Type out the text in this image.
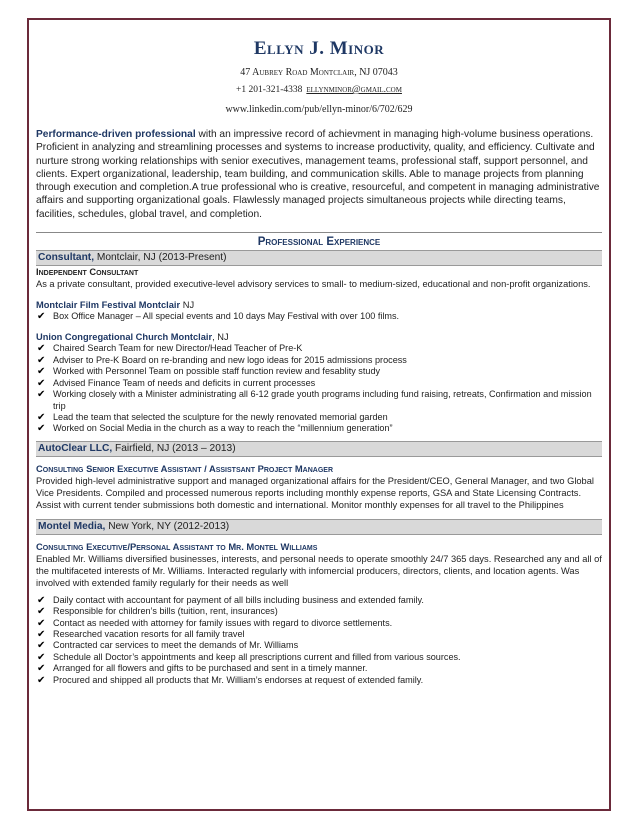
Ellyn J. Minor
47 Aubrey Road Montclair, NJ 07043
+1 201-321-4338 ellynminor@gmail.com
www.linkedin.com/pub/ellyn-minor/6/702/629
Performance-driven professional with an impressive record of achievment in managing high-volume business operations. Proficient in analyzing and streamlining processes and systems to increase productivity, quality, and efficiency. Cultivate and nurture strong working relationships with senior executives, management teams, professional staff, support personnel, and clients. Expert organizational, leadership, team building, and communication skills. Able to manage projects from planning through execution and completion.A true professional who is creative, resourceful, and competent in managing administrative affairs and supporting organizational goals. Flawlessly managed projects simultaneous projects while directing teams, facilities, schedules, global travel, and completion.
Professional Experience
Consultant, Montclair, NJ (2013-Present)
Independent Consultant
As a private consultant, provided executive-level advisory services to small- to medium-sized, educational and non-profit organizations.
Montclair Film Festival Montclair NJ
✔ Box Office Manager – All special events and 10 days May Festival with over 100 films.
Union Congregational Church Montclair, NJ
✔ Chaired Search Team for new Director/Head Teacher of Pre-K
✔ Adviser to Pre-K Board on re-branding and new logo ideas for 2015 admissions process
✔ Worked with Personnel Team on possible staff function review and fesablity study
✔ Advised Finance Team of needs and deficits in current processes
✔ Working closely with a Minister administrating all 6-12 grade youth programs including fund raising, retreats, Confirmation and mission trip
✔ Lead the team that selected the sculpture for the newly renovated memorial garden
✔ Worked on Social Media in the church as a way to reach the “millennium generation”
AutoClear LLC, Fairfield, NJ (2013 – 2013)
Consulting Senior Executive Assistant / Assistsant Project Manager
Provided high-level administrative support and managed organizational affairs for the President/CEO, General Manager, and two Global Vice Presidents. Compiled and processed numerous reports including monthly expense reports, GSA and State Licensing Contracts. Assist with current tender submissions both domestic and international. Monitor monthly expenses for all travel to the Philippines
Montel Media, New York, NY (2012-2013)
Consulting Executive/Personal Assistant to Mr. Montel Williams
Enabled Mr. Williams diversified businesses, interests, and personal needs to operate smoothly 24/7 365 days. Researched any and all of the multifaceted interests of Mr. Williams. Interacted regularly with infomercial producers, directors, clients, and location agents. Was involved with extended family regularly for their needs as well
✔ Daily contact with accountant for payment of all bills including business and extended family.
✔ Responsible for children’s bills (tuition, rent, insurances)
✔ Contact as needed with attorney for family issues with regard to divorce settlements.
✔ Researched vacation resorts for all family travel
✔ Contracted car services to meet the demands of Mr. Williams
✔ Schedule all Doctor’s appointments and keep all prescriptions current and filled from various sources.
✔ Arranged for all flowers and gifts to be purchased and sent in a timely manner.
✔ Procured and shipped all products that Mr. William’s endorses at request of extended family.
